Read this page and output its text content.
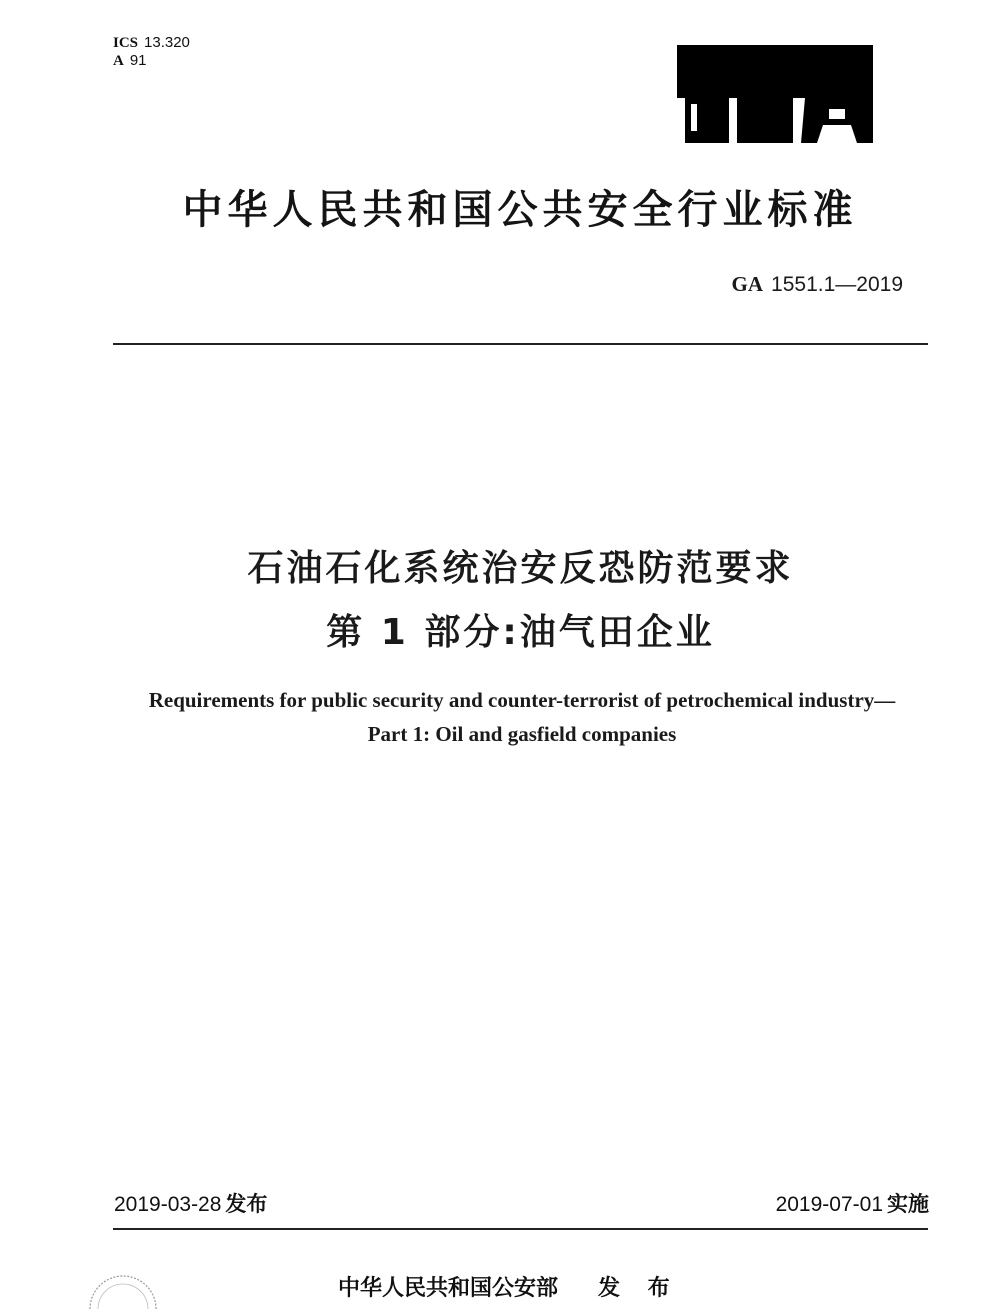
ICS 13.320
A 91
中华人民共和国公共安全行业标准
GA 1551.1—2019
石油石化系统治安反恐防范要求
第 1 部分:油气田企业
Requirements for public security and counter-terrorist of petrochemical industry—
Part 1: Oil and gasfield companies
2019-03-28 发布	2019-07-01 实施
中华人民共和国公安部 发 布
